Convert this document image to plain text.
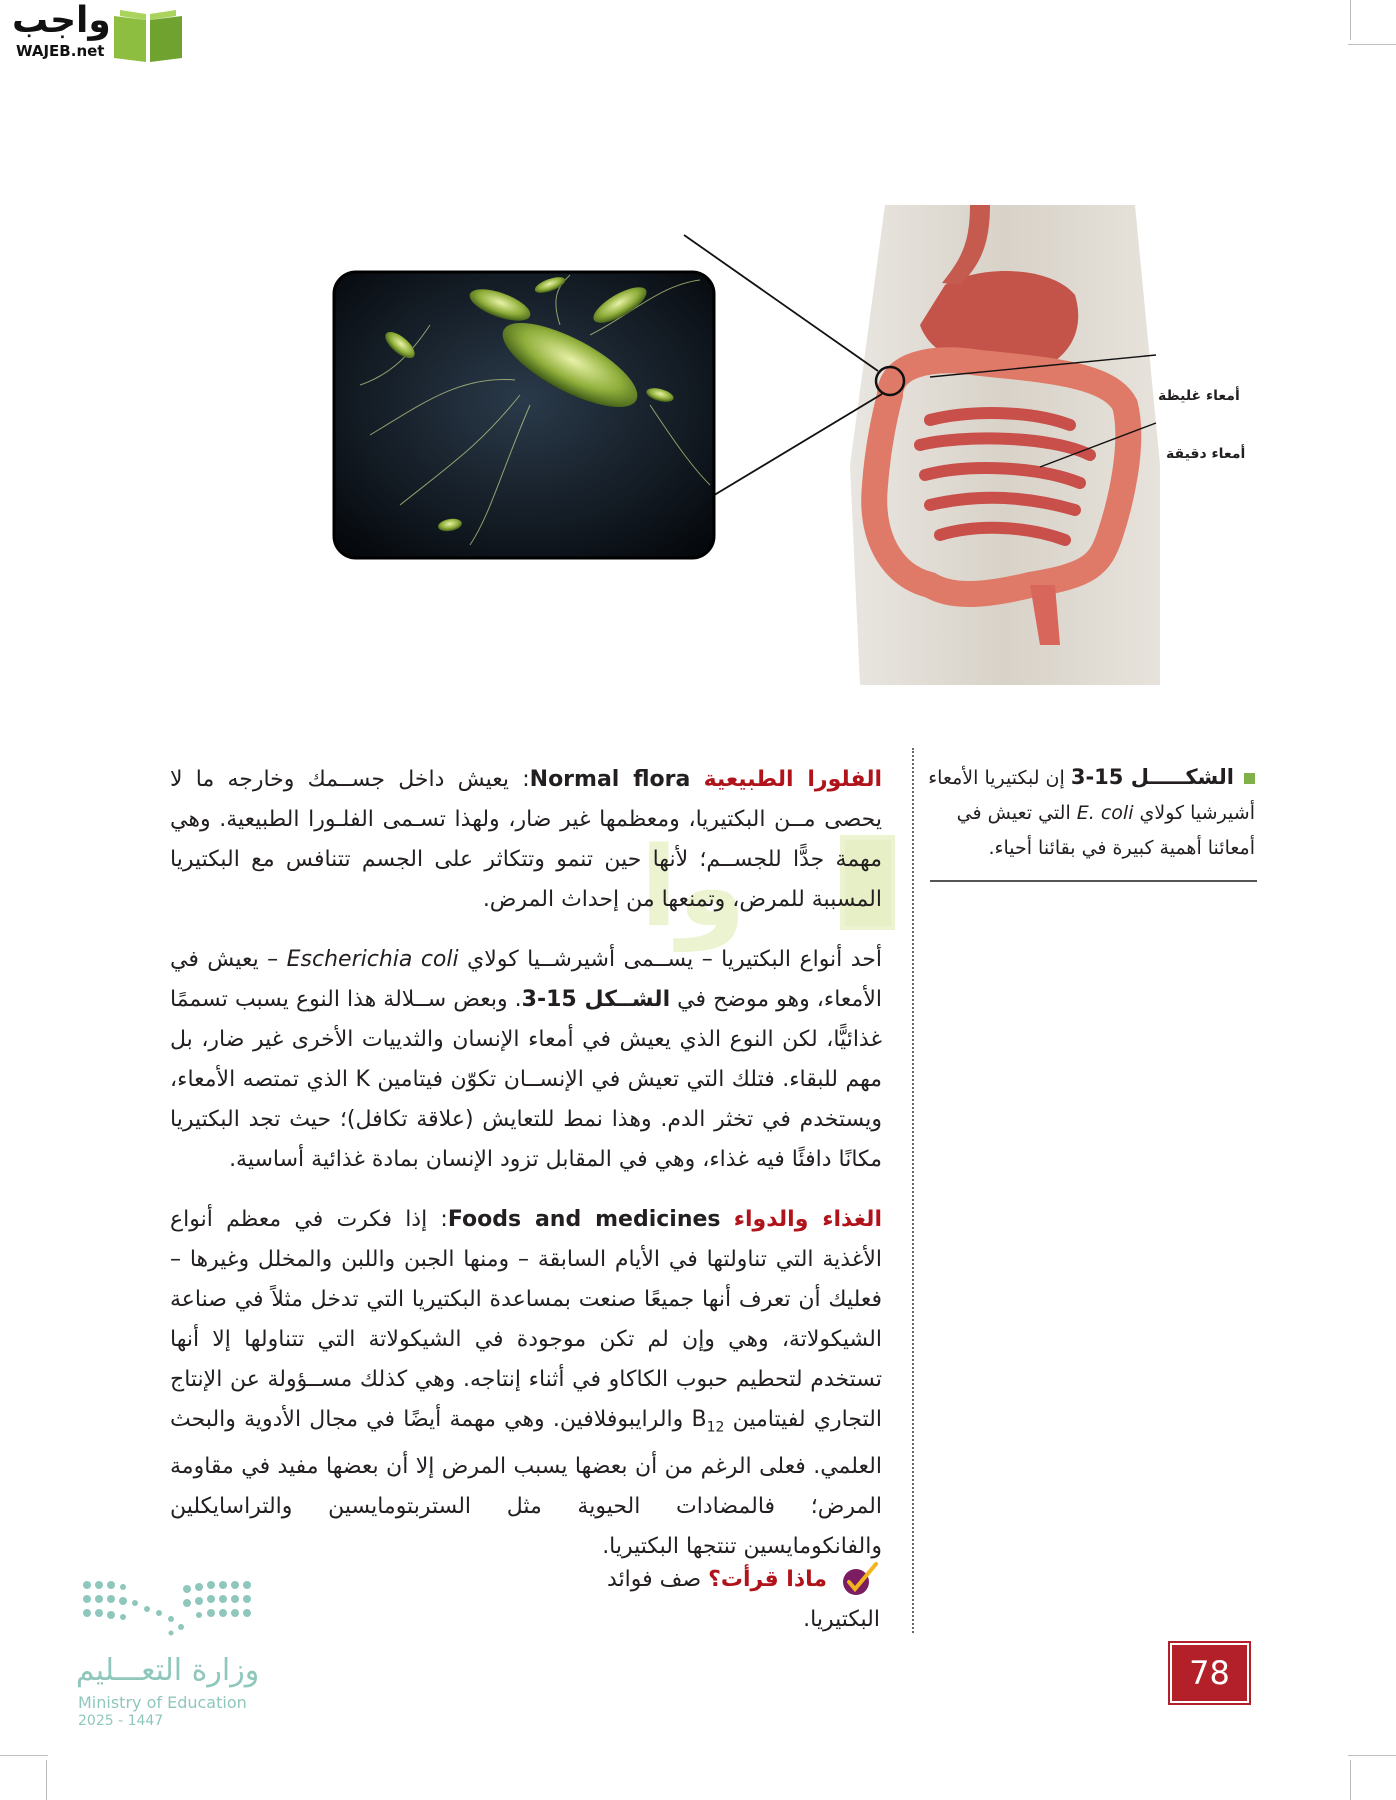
واجب
WAJEB.net
أمعاء غليظة
أمعاء دقيقة
الشكـــــل 15-3 إن لبكتيريا الأمعاء أشيرشيا كولاي E. coli التي تعيش في أمعائنا أهمية كبيرة في بقائنا أحياء.
وا

الفلورا الطبيعية Normal flora: يعيش داخل جســمك وخارجه ما لا يحصى مــن البكتيريا، ومعظمها غير ضار، ولهذا تسـمى الفلـورا الطبيعية. وهي مهمة جدًّا للجســم؛ لأنها حين تنمو وتتكاثر على الجسم تتنافس مع البكتيريا المسببة للمرض، وتمنعها من إحداث المرض.

أحد أنواع البكتيريا – يســمى أشيرشــيا كولاي Escherichia coli – يعيش في الأمعاء، وهو موضح في الشــكل 15-3. وبعض ســلالة هذا النوع يسبب تسممًا غذائيًّا، لكن النوع الذي يعيش في أمعاء الإنسان والثدييات الأخرى غير ضار، بل مهم للبقاء. فتلك التي تعيش في الإنســان تكوّن فيتامين K الذي تمتصه الأمعاء، ويستخدم في تخثر الدم. وهذا نمط للتعايش (علاقة تكافل)؛ حيث تجد البكتيريا مكانًا دافئًا فيه غذاء، وهي في المقابل تزود الإنسان بمادة غذائية أساسية.

الغذاء والدواء Foods and medicines: إذا فكرت في معظم أنواع الأغذية التي تناولتها في الأيام السابقة – ومنها الجبن واللبن والمخلل وغيرها – فعليك أن تعرف أنها جميعًا صنعت بمساعدة البكتيريا التي تدخل مثلاً في صناعة الشيكولاتة، وهي وإن لم تكن موجودة في الشيكولاتة التي تتناولها إلا أنها تستخدم لتحطيم حبوب الكاكاو في أثناء إنتاجه. وهي كذلك مســؤولة عن الإنتاج التجاري لفيتامين $B_{12}$ والرايبوفلافين. وهي مهمة أيضًا في مجال الأدوية والبحث العلمي. فعلى الرغم من أن بعضها يسبب المرض إلا أن بعضها مفيد في مقاومة المرض؛ فالمضادات الحيوية مثل الستربتومايسين والتراسايكلين والفانكومايسين تنتجها البكتيريا.

ماذا قرأت؟ صف فوائد البكتيريا.
78
وزارة التعـــليم
Ministry of Education
2025 - 1447
